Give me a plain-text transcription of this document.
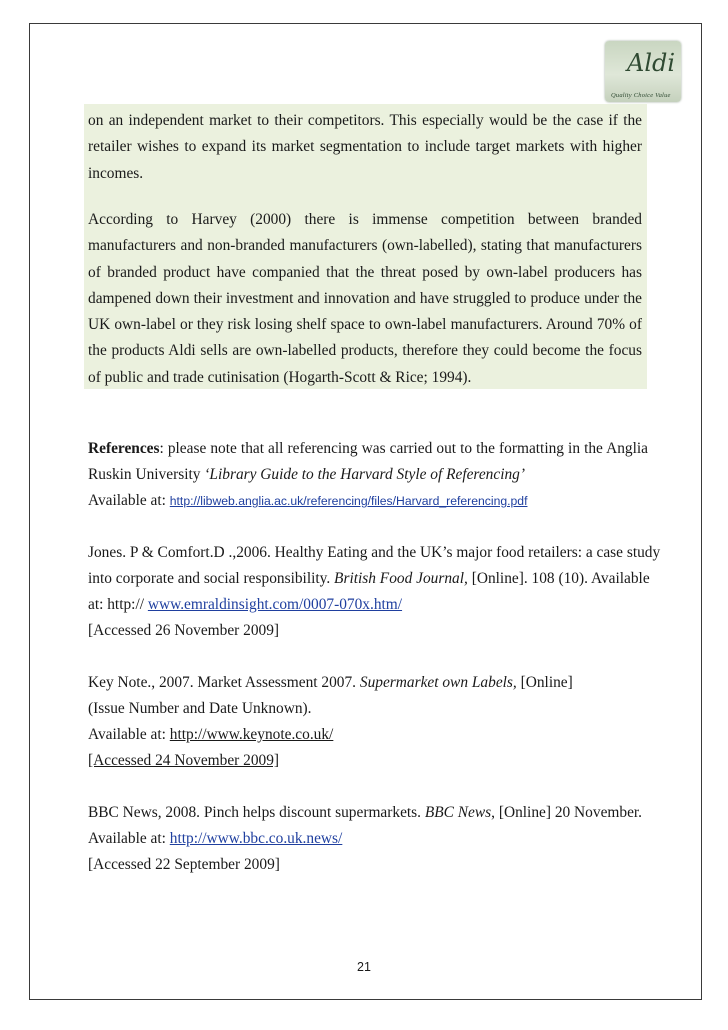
Aldi
Quality Choice Value

on an independent market to their competitors. This especially would be the case if the retailer wishes to expand its market segmentation to include target markets with higher incomes.

According to Harvey (2000) there is immense competition between branded manufacturers and non-branded manufacturers (own-labelled), stating that manufacturers of branded product have companied that the threat posed by own-label producers has dampened down their investment and innovation and have struggled to produce under the UK own-label or they risk losing shelf space to own-label manufacturers. Around 70% of the products Aldi sells are own-labelled products, therefore they could become the focus of public and trade cutinisation (Hogarth-Scott & Rice; 1994).

References: please note that all referencing was carried out to the formatting in the Anglia
Ruskin University ‘Library Guide to the Harvard Style of Referencing’
Available at: http://libweb.anglia.ac.uk/referencing/files/Harvard_referencing.pdf
Jones. P & Comfort.D .,2006. Healthy Eating and the UK’s major food retailers: a case study
into corporate and social responsibility. British Food Journal, [Online]. 108 (10). Available
at: http:// www.emraldinsight.com/0007-070x.htm/
[Accessed 26 November 2009]
Key Note., 2007. Market Assessment 2007. Supermarket own Labels, [Online]
(Issue Number and Date Unknown).
Available at: http://www.keynote.co.uk/
[Accessed 24 November 2009]
BBC News, 2008. Pinch helps discount supermarkets. BBC News, [Online] 20 November.
Available at: http://www.bbc.co.uk.news/
[Accessed 22 September 2009]
21
